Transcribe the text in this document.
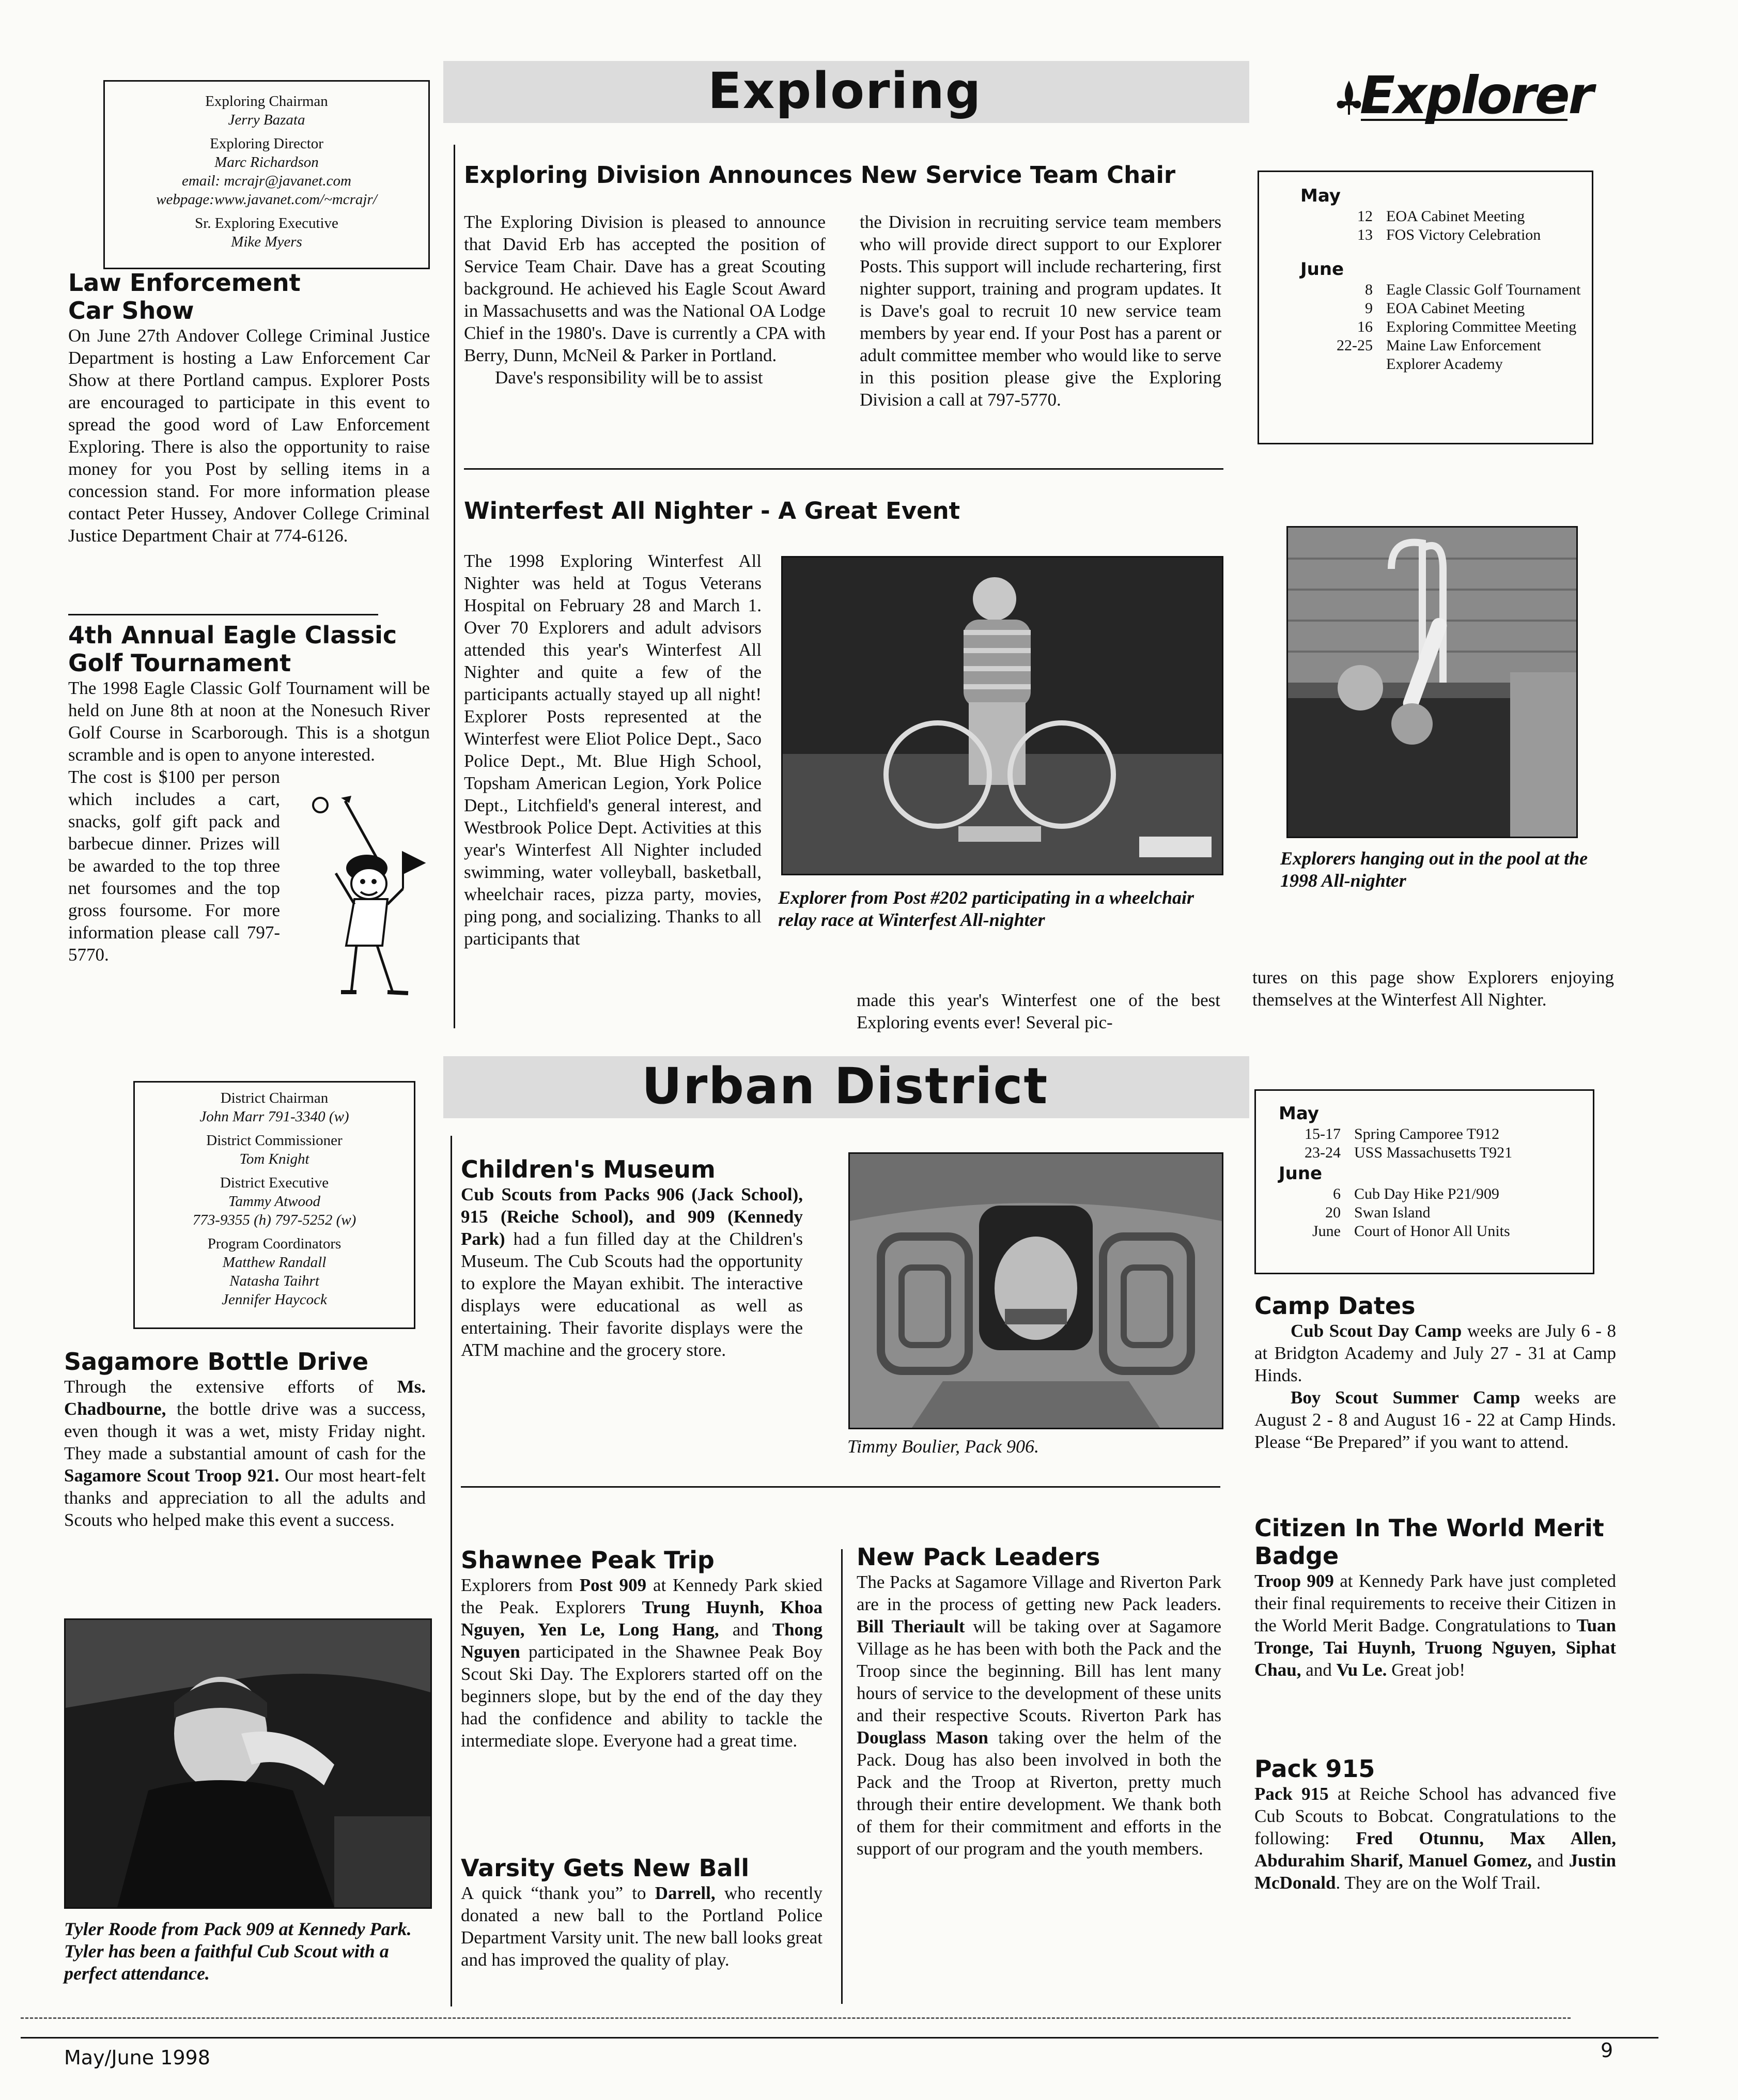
Exploring	Explorer
Exploring Chairman
Jerry Bazata
Exploring Director
Marc Richardson
email: mcrajr@javanet.com
webpage:www.javanet.com/~mcrajr/
Sr. Exploring Executive
Mike Myers
Law Enforcement
Car Show

On June 27th Andover College Criminal Justice Department is hosting a Law Enforcement Car Show at there Portland campus. Explorer Posts are encouraged to participate in this event to spread the good word of Law Enforcement Exploring. There is also the opportunity to raise money for you Post by selling items in a concession stand. For more information please contact Peter Hussey, Andover College Criminal Justice Department Chair at 774-6126.

4th Annual Eagle Classic
Golf Tournament

The 1998 Eagle Classic Golf Tournament will be held on June 8th at noon at the Nonesuch River Golf Course in Scarborough. This is a shotgun scramble and is open to anyone interested.

The cost is $100 per person which includes a cart, snacks, golf gift pack and barbecue dinner. Prizes will be awarded to the top three net foursomes and the top gross foursome. For more information please call 797-5770.

Exploring Division Announces New Service Team Chair

The Exploring Division is pleased to announce that David Erb has accepted the position of Service Team Chair. Dave has a great Scouting background. He achieved his Eagle Scout Award in Massachusetts and was the National OA Lodge Chief in the 1980's. Dave is currently a CPA with Berry, Dunn, McNeil & Parker in Portland.

Dave's responsibility will be to assist

the Division in recruiting service team members who will provide direct support to our Explorer Posts. This support will include rechartering, first nighter support, training and program updates. It is Dave's goal to recruit 10 new service team members by year end. If your Post has a parent or adult committee member who would like to serve in this position please give the Exploring Division a call at 797-5770.
May
12	EOA Cabinet Meeting
13	FOS Victory Celebration
June
8	Eagle Classic Golf Tournament
9	EOA Cabinet Meeting
16	Exploring Committee Meeting
22-25	Maine Law Enforcement Explorer Academy
Winterfest All Nighter - A Great Event
The 1998 Exploring Winterfest All Nighter was held at Togus Veterans Hospital on February 28 and March 1. Over 70 Explorers and adult advisors attended this year's Winterfest All Nighter and quite a few of the participants actually stayed up all night! Explorer Posts represented at the Winterfest were Eliot Police Dept., Saco Police Dept., Mt. Blue High School, Topsham American Legion, York Police Dept., Litchfield's general interest, and Westbrook Police Dept. Activities at this year's Winterfest All Nighter included swimming, water volleyball, basketball, wheelchair races, pizza party, movies, ping pong, and socializing. Thanks to all participants that
made this year's Winterfest one of the best Exploring events ever! Several pic-
tures on this page show Explorers enjoying themselves at the Winterfest All Nighter.
Explorer from Post #202 participating in a wheelchair relay race at Winterfest All-nighter
Explorers hanging out in the pool at the 1998 All-nighter
Urban District
District Chairman
John Marr 791-3340 (w)
District Commissioner
Tom Knight
District Executive
Tammy Atwood
773-9355 (h) 797-5252 (w)
Program Coordinators
Matthew Randall
Natasha Taihrt
Jennifer Haycock
Sagamore Bottle Drive

Through the extensive efforts of Ms. Chadbourne, the bottle drive was a success, even though it was a wet, misty Friday night. They made a substantial amount of cash for the Sagamore Scout Troop 921. Our most heart-felt thanks and appreciation to all the adults and Scouts who helped make this event a success.

Tyler Roode from Pack 909 at Kennedy Park. Tyler has been a faithful Cub Scout with a perfect attendance.
Children's Museum

Cub Scouts from Packs 906 (Jack School), 915 (Reiche School), and 909 (Kennedy Park) had a fun filled day at the Children's Museum. The Cub Scouts had the opportunity to explore the Mayan exhibit. The interactive displays were educational as well as entertaining. Their favorite displays were the ATM machine and the grocery store.

Timmy Boulier, Pack 906.
Shawnee Peak Trip

Explorers from Post 909 at Kennedy Park skied the Peak. Explorers Trung Huynh, Khoa Nguyen, Yen Le, Long Hang, and Thong Nguyen participated in the Shawnee Peak Boy Scout Ski Day. The Explorers started off on the beginners slope, but by the end of the day they had the confidence and ability to tackle the intermediate slope. Everyone had a great time.

Varsity Gets New Ball

A quick “thank you” to Darrell, who recently donated a new ball to the Portland Police Department Varsity unit. The new ball looks great and has improved the quality of play.

New Pack Leaders

The Packs at Sagamore Village and Riverton Park are in the process of getting new Pack leaders. Bill Theriault will be taking over at Sagamore Village as he has been with both the Pack and the Troop since the beginning. Bill has lent many hours of service to the development of these units and their respective Scouts. Riverton Park has Douglass Mason taking over the helm of the Pack. Doug has also been involved in both the Pack and the Troop at Riverton, pretty much through their entire development. We thank both of them for their commitment and efforts in the support of our program and the youth members.

May
15-17	Spring Camporee T912
23-24	USS Massachusetts T921
June
6	Cub Day Hike P21/909
20	Swan Island
June	Court of Honor All Units
Camp Dates

Cub Scout Day Camp weeks are July 6 - 8 at Bridgton Academy and July 27 - 31 at Camp Hinds.

Boy Scout Summer Camp weeks are August 2 - 8 and August 16 - 22 at Camp Hinds. Please “Be Prepared” if you want to attend.

Citizen In The World Merit Badge

Troop 909 at Kennedy Park have just completed their final requirements to receive their Citizen in the World Merit Badge. Congratulations to Tuan Tronge, Tai Huynh, Truong Nguyen, Siphat Chau, and Vu Le. Great job!

Pack 915

Pack 915 at Reiche School has advanced five Cub Scouts to Bobcat. Congratulations to the following: Fred Otunnu, Max Allen, Abdurahim Sharif, Manuel Gomez, and Justin McDonald. They are on the Wolf Trail.

May/June 1998	9
